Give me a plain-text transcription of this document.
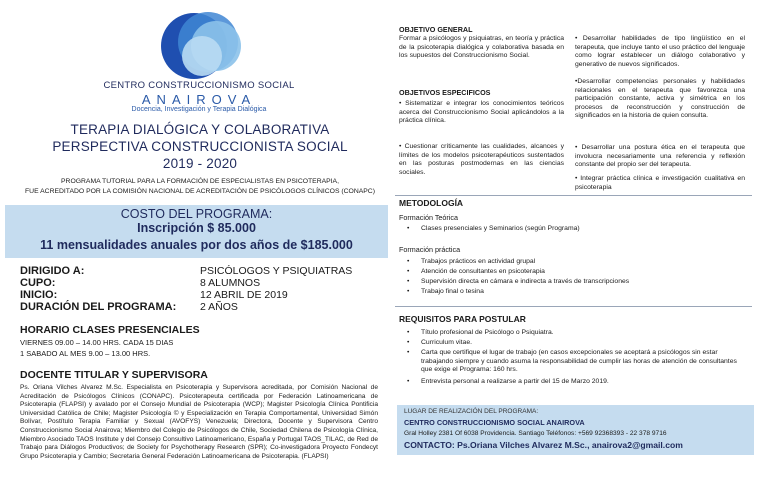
CENTRO CONSTRUCCIONISMO SOCIAL
ANAIROVA
Docencia, Investigación y Terapia Dialógica
TERAPIA DIALÓGICA Y COLABORATIVA
PERSPECTIVA CONSTRUCCIONISTA SOCIAL
2019 - 2020
PROGRAMA TUTORIAL PARA LA FORMACIÓN DE ESPECIALISTAS EN PSICOTERAPIA,
FUE ACREDITADO POR LA COMISIÓN NACIONAL DE ACREDITACIÓN DE PSICÓLOGOS CLÍNICOS (CONAPC)
COSTO DEL PROGRAMA:
Inscripción $ 85.000
11 mensualidades anuales por dos años de $185.000
DIRIGIDO A:	PSICÓLOGOS Y PSIQUIATRAS
CUPO:	8 ALUMNOS
INICIO:	12 ABRIL DE 2019
DURACIÓN DEL PROGRAMA: 2 AÑOS
HORARIO CLASES PRESENCIALES
VIERNES 09.00 – 14.00 HRS. CADA 15 DIAS
1 SABADO AL MES 9.00 – 13.00 HRS.
DOCENTE TITULAR Y SUPERVISORA
Ps. Oriana Vilches Alvarez M.Sc. Especialista en Psicoterapia y Supervisora acreditada, por Comisión Nacional de Acreditación de Psicólogos Clínicos (CONAPC). Psicoterapeuta certificada por Federación Latinoamericana de Psicoterapia (FLAPSI) y avalado por el Consejo Mundial de Psicoterapia (WCP); Magister Psicología Clínica Pontificia Universidad Católica de Chile; Magister Psicología © y Especialización en Terapia Comportamental, Universidad Simón Bolívar, Postítulo Terapia Familiar y Sexual (AVOFYS) Venezuela; Directora, Docente y Supervisora Centro Construccionismo Social Anairova; Miembro del Colegio de Psicólogos de Chile, Sociedad Chilena de Psicología Clínica, Miembro Asociado TAOS Institute y del Consejo Consultivo Latinoamericano, España y Portugal TAOS_TILAC, de Red de Trabajo para Diálogos Productivos; de Society for Psychotherapy Research (SPR); Co-investigadora Proyecto Fondecyt Grupo Psicoterapia y Cambio; Secretaria General Federación Latinoamericana de Psicoterapia. (FLAPSI)
OBJETIVO GENERAL
Formar a psicólogos y psiquiatras, en teoría y práctica de la psicoterapia dialógica y colaborativa basada en los supuestos del Construccionismo Social.
OBJETIVOS ESPECIFICOS
• Sistematizar e integrar los conocimientos teóricos acerca del Construccionismo Social aplicándolos a la práctica clínica.
• Cuestionar críticamente las cualidades, alcances y límites de los modelos psicoterapéuticos sustentados en las posturas postmodernas en las ciencias sociales.
• Desarrollar habilidades de tipo lingüístico en el terapeuta, que incluye tanto el uso práctico del lenguaje como lograr establecer un diálogo colaborativo y generativo de nuevos significados.
•Desarrollar competencias personales y habilidades relacionales en el terapeuta que favorezca una participación constante, activa y simétrica en los procesos de reconstrucción y construcción de significados en la historia de quien consulta.
• Desarrollar una postura ética en el terapeuta que involucra necesariamente una referencia y reflexión constante del propio ser del terapeuta.
• Integrar práctica clínica e investigación cualitativa en psicoterapia
METODOLOGÍA
Formación Teórica
• Clases presenciales y Seminarios (según Programa)
Formación práctica
• Trabajos prácticos en actividad grupal
• Atención de consultantes en psicoterapia
• Supervisión directa en cámara e indirecta a través de transcripciones
• Trabajo final o tesina
REQUISITOS PARA POSTULAR
• Título profesional de Psicólogo o Psiquiatra.
• Curriculum vitae.
• Carta que certifique el lugar de trabajo (en casos excepcionales se aceptará a psicólogos sin estar trabajando siempre y cuando asuma la responsabilidad de cumplir las horas de atención de consultantes que exige el Programa: 160 hrs.
• Entrevista personal a realizarse a partir del 15 de Marzo 2019.
LUGAR DE REALIZACIÓN DEL PROGRAMA:
CENTRO CONSTRUCCIONISMO SOCIAL ANAIROVA
Gral Holley 2381 Of 6038 Providencia. Santiago Teléfonos: +569 92368393 - 22 378 9716
CONTACTO: Ps.Oriana Vilches Alvarez M.Sc., anairova2@gmail.com
